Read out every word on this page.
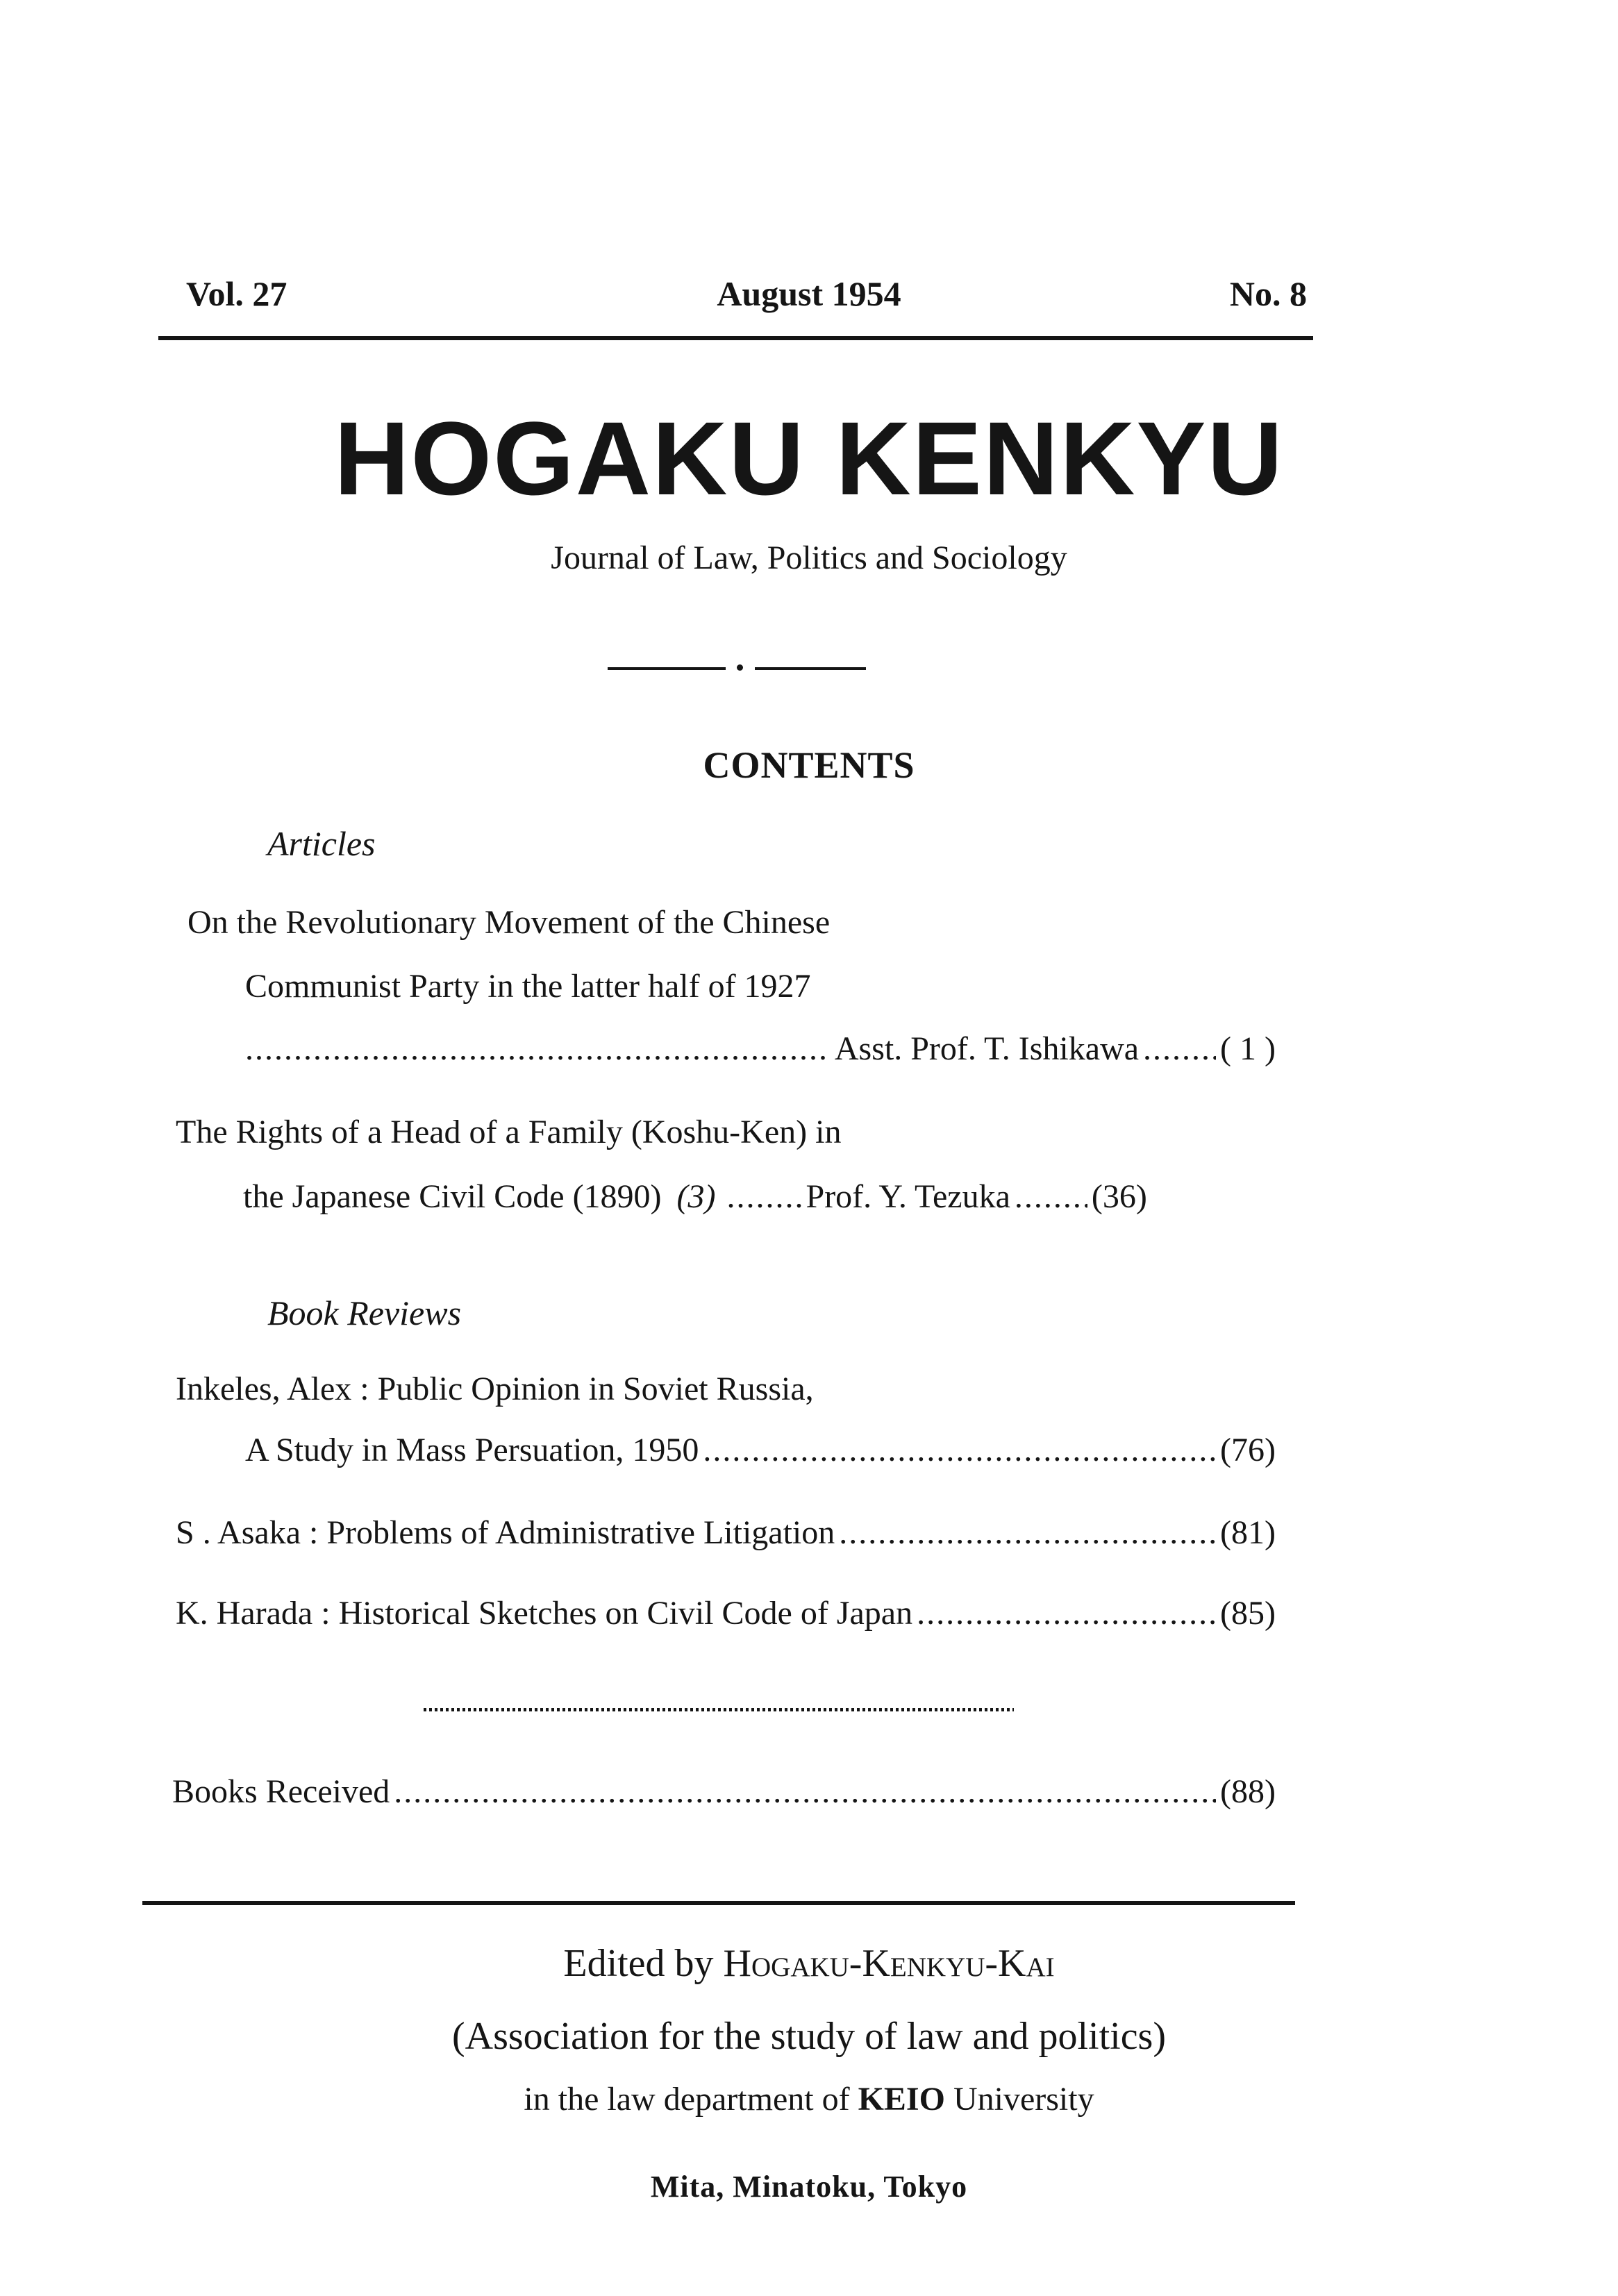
Vol. 27	August 1954	No. 8
HOGAKU KENKYU
Journal of Law, Politics and Sociology
CONTENTS
Articles
On the Revolutionary Movement of the Chinese
Communist Party in the latter half of 1927
.....
Asst. Prof. T. Ishikawa ..... ( 1 )
The Rights of a Head of a Family (Koshu-Ken) in
the Japanese Civil Code (1890) (3) .....	Prof. Y. Tezuka ..... (36)
Book Reviews
Inkeles, Alex : Public Opinion in Soviet Russia,
A Study in Mass Persuation, 1950 .....	(76)
S . Asaka : Problems of Administrative Litigation .....	(81)
K. Harada : Historical Sketches on Civil Code of Japan .....	(85)
Books Received .....	(88)
Edited by Hogaku-Kenkyu-Kai
(Association for the study of law and politics)
in the law department of KEIO University
Mita, Minatoku, Tokyo
